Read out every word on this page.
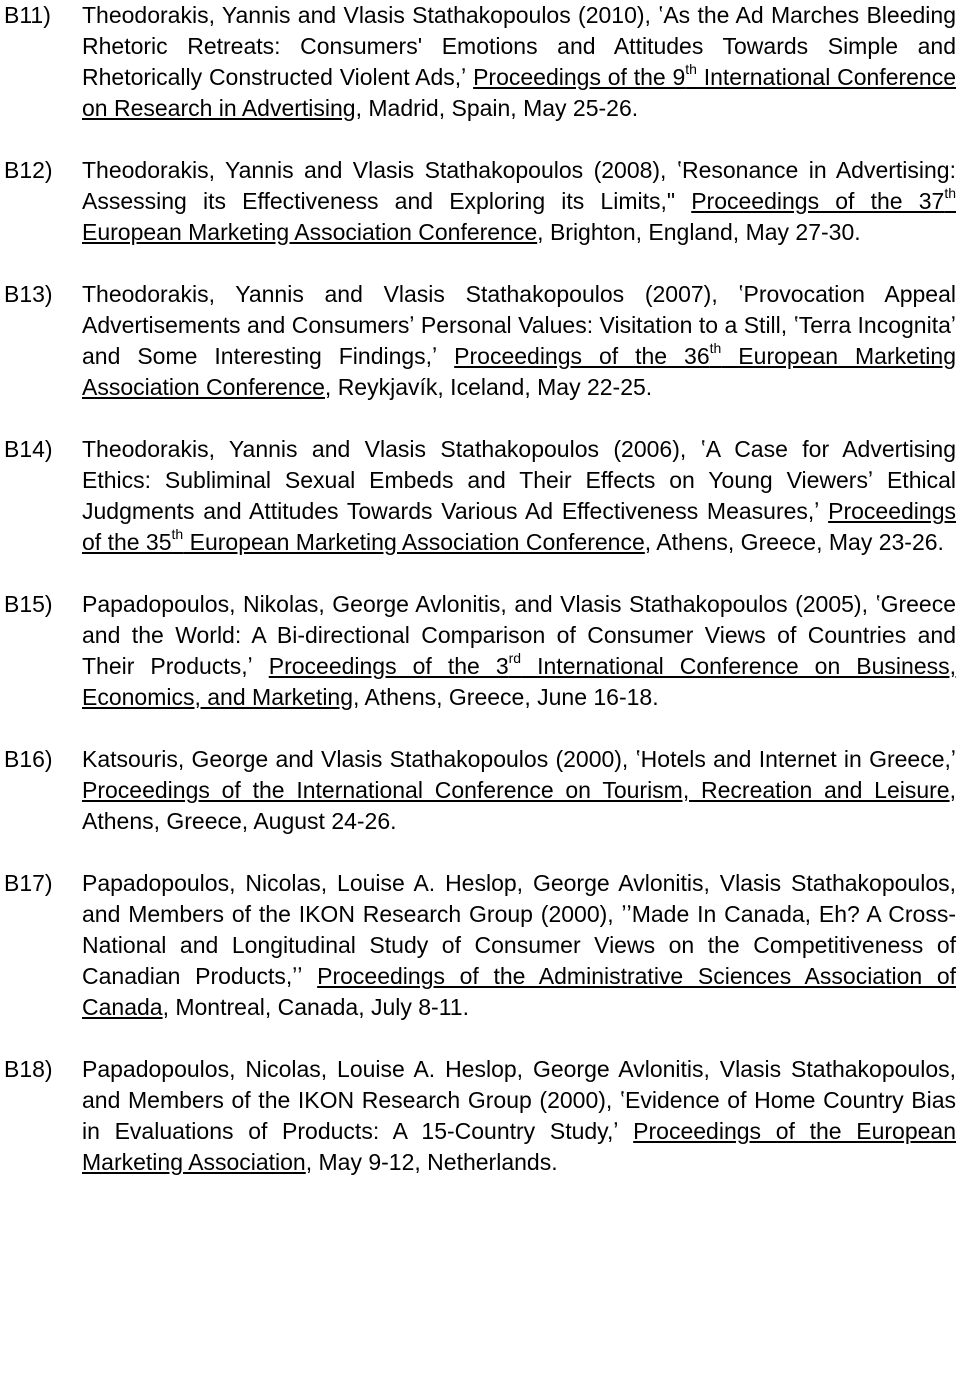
B11)	Theodorakis, Yannis and Vlasis Stathakopoulos (2010), ʽAs the Ad Marches Bleeding Rhetoric Retreats: Consumers' Emotions and Attitudes Towards Simple and Rhetorically Constructed Violent Ads,ʼ Proceedings of the 9th International Conference on Research in Advertising, Madrid, Spain, May 25-26.
B12)	Theodorakis, Yannis and Vlasis Stathakopoulos (2008), ʽResonance in Advertising: Assessing its Effectiveness and Exploring its Limits," Proceedings of the 37th European Marketing Association Conference, Brighton, England, May 27-30.
B13)	Theodorakis, Yannis and Vlasis Stathakopoulos (2007), ʽProvocation Appeal Advertisements and Consumersʼ Personal Values: Visitation to a Still, ʽTerra Incognitaʼ and Some Interesting Findings,ʼ Proceedings of the 36th European Marketing Association Conference, Reykjavík, Iceland, May 22-25.
B14)	Theodorakis, Yannis and Vlasis Stathakopoulos (2006), ʽA Case for Advertising Ethics: Subliminal Sexual Embeds and Their Effects on Young Viewersʼ Ethical Judgments and Attitudes Towards Various Ad Effectiveness Measures,ʼ Proceedings of the 35th European Marketing Association Conference, Athens, Greece, May 23-26.
B15)	Papadopoulos, Nikolas, George Avlonitis, and Vlasis Stathakopoulos (2005), ʽGreece and the World: A Bi-directional Comparison of Consumer Views of Countries and Their Products,ʼ Proceedings of the 3rd International Conference on Business, Economics, and Marketing, Athens, Greece, June 16-18.
B16)	Katsouris, George and Vlasis Stathakopoulos (2000), ʽHotels and Internet in Greece,ʼ Proceedings of the International Conference on Tourism, Recreation and Leisure, Athens, Greece, August 24-26.
B17)	Papadopoulos, Nicolas, Louise A. Heslop, George Avlonitis, Vlasis Stathakopoulos, and Members of the IKON Research Group (2000), ʼʼMade In Canada, Eh? A Cross-National and Longitudinal Study of Consumer Views on the Competitiveness of Canadian Products,ʼʼ Proceedings of the Administrative Sciences Association of Canada, Montreal, Canada, July 8-11.
B18)	Papadopoulos, Nicolas, Louise A. Heslop, George Avlonitis, Vlasis Stathakopoulos, and Members of the IKON Research Group (2000), ʽEvidence of Home Country Bias in Evaluations of Products: A 15-Country Study,ʼ Proceedings of the European Marketing Association, May 9-12, Netherlands.
